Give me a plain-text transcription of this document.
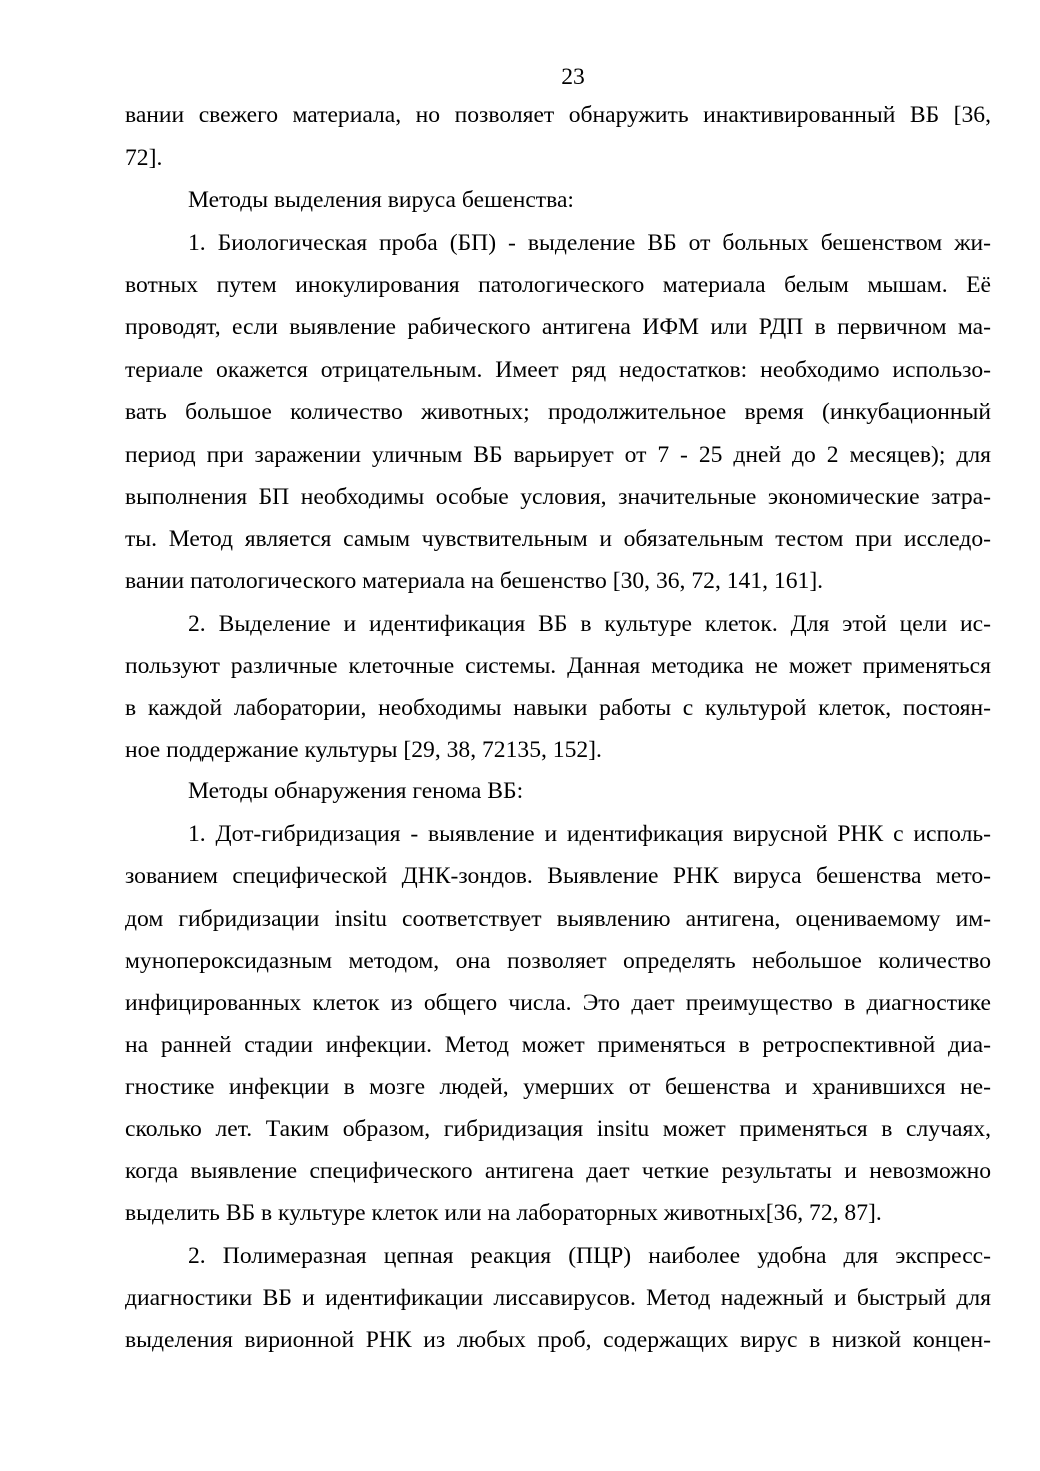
23
вании свежего материала, но позволяет обнаружить инактивированный ВБ [36,
72].
Методы выделения вируса бешенства:
1. Биологическая проба (БП) - выделение ВБ от больных бешенством жи-
вотных путем инокулирования патологического материала белым мышам. Её
проводят, если выявление рабического антигена ИФМ или РДП в первичном ма-
териале окажется отрицательным. Имеет ряд недостатков: необходимо использо-
вать большое количество животных; продолжительное время (инкубационный
период при заражении уличным ВБ варьирует от 7 - 25 дней до 2 месяцев); для
выполнения БП необходимы особые условия, значительные экономические затра-
ты. Метод является самым чувствительным и обязательным тестом при исследо-
вании патологического материала на бешенство [30, 36, 72, 141, 161].
2. Выделение и идентификация ВБ в культуре клеток. Для этой цели ис-
пользуют различные клеточные системы. Данная методика не может применяться
в каждой лаборатории, необходимы навыки работы с культурой клеток, постоян-
ное поддержание культуры [29, 38, 72135, 152].
Методы обнаружения генома ВБ:
1. Дот-гибридизация - выявление и идентификация вирусной РНК с исполь-
зованием специфической ДНК-зондов. Выявление РНК вируса бешенства мето-
дом гибридизации insitu соответствует выявлению антигена, оцениваемому им-
мунопероксидазным методом, она позволяет определять небольшое количество
инфицированных клеток из общего числа. Это дает преимущество в диагностике
на ранней стадии инфекции. Метод может применяться в ретроспективной диа-
гностике инфекции в мозге людей, умерших от бешенства и хранившихся не-
сколько лет. Таким образом, гибридизация insitu может применяться в случаях,
когда выявление специфического антигена дает четкие результаты и невозможно
выделить ВБ в культуре клеток или на лабораторных животных[36, 72, 87].
2. Полимеразная цепная реакция (ПЦР) наиболее удобна для экспресс-
диагностики ВБ и идентификации лиссавирусов. Метод надежный и быстрый для
выделения вирионной РНК из любых проб, содержащих вирус в низкой концен-
